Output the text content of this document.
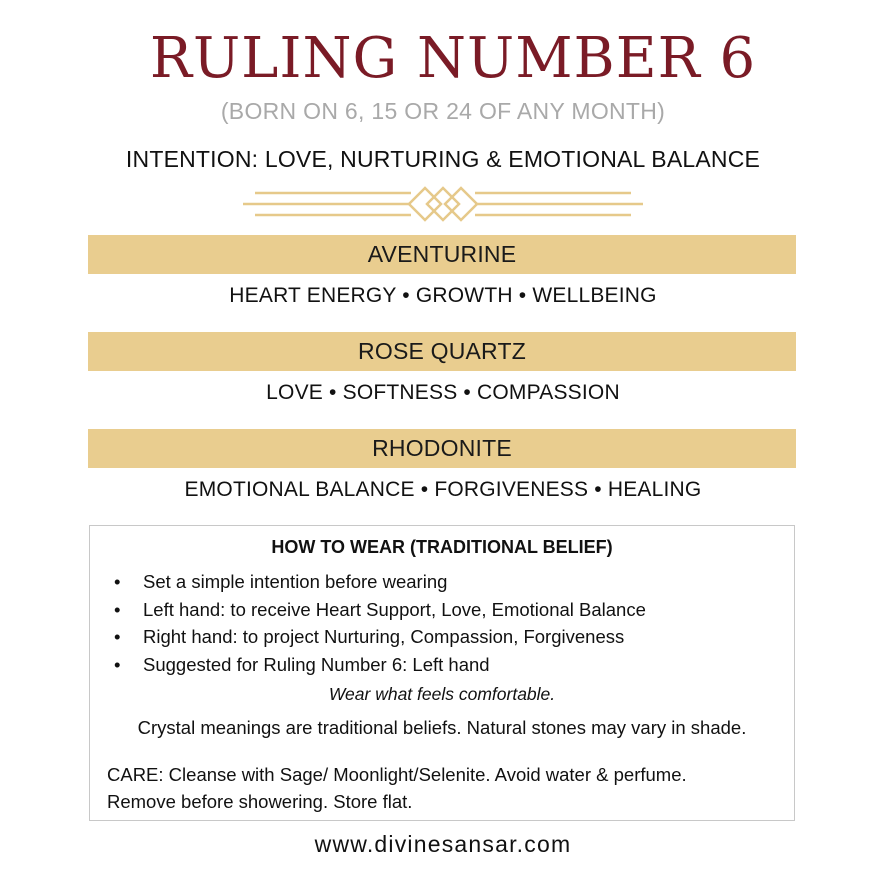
RULING NUMBER 6
(BORN ON 6, 15 OR 24 OF ANY MONTH)
INTENTION: LOVE, NURTURING & EMOTIONAL BALANCE
AVENTURINE
HEART ENERGY • GROWTH • WELLBEING
ROSE QUARTZ
LOVE • SOFTNESS • COMPASSION
RHODONITE
EMOTIONAL BALANCE • FORGIVENESS • HEALING
HOW TO WEAR (TRADITIONAL BELIEF)
• Set a simple intention before wearing
• Left hand: to receive Heart Support, Love, Emotional Balance
• Right hand: to project Nurturing, Compassion, Forgiveness
• Suggested for Ruling Number 6: Left hand
Wear what feels comfortable.
Crystal meanings are traditional beliefs. Natural stones may vary in shade.
CARE: Cleanse with Sage/ Moonlight/Selenite. Avoid water & perfume.
Remove before showering. Store flat.
www.divinesansar.com
